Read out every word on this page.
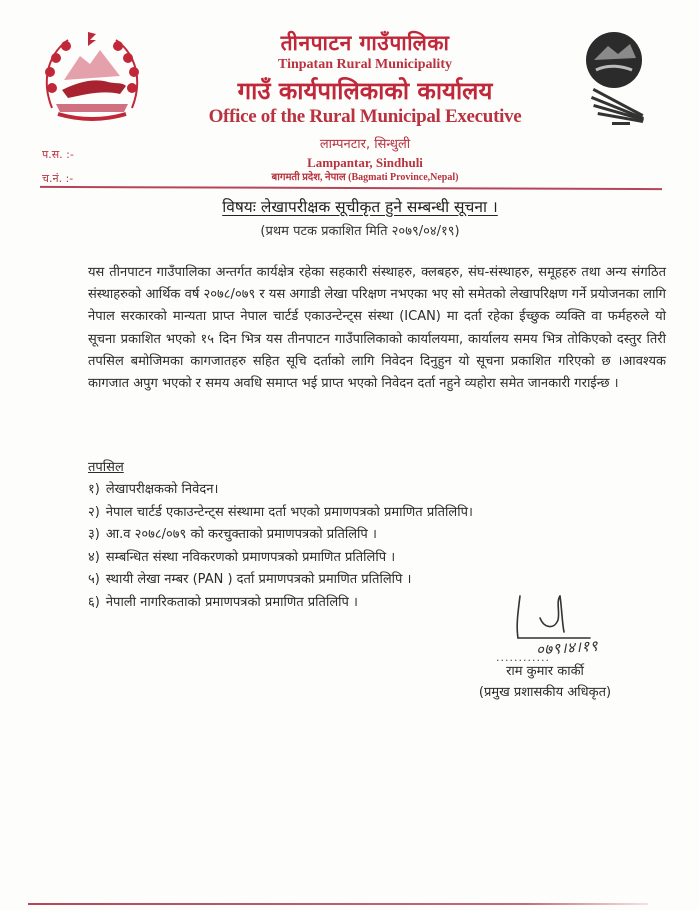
तीनपाटन गाउँपालिका
Tinpatan Rural Municipality
गाउँ कार्यपालिकाको कार्यालय
Office of the Rural Municipal Executive
लाम्पनटार, सिन्धुली
Lampantar, Sindhuli
बागमती प्रदेश, नेपाल (Bagmati Province,Nepal)
प.स. :-
च.नं. :-
विषयः लेखापरीक्षक सूचीकृत हुने सम्बन्धी सूचना ।
(प्रथम पटक प्रकाशित मिति २०७९/०४/१९)
यस तीनपाटन गाउँपालिका अन्तर्गत कार्यक्षेत्र रहेका सहकारी संस्थाहरु, क्लबहरु, संघ-संस्थाहरु, समूहहरु तथा अन्य संगठित संस्थाहरुको आर्थिक वर्ष २०७८/०७९ र यस अगाडी लेखा परिक्षण नभएका भए सो समेतको लेखापरिक्षण गर्ने प्रयोजनका लागि नेपाल सरकारको मान्यता प्राप्त नेपाल चार्टर्ड एकाउन्टेन्ट्स संस्था (ICAN) मा दर्ता रहेका ईच्छुक व्यक्ति वा फर्महरुले यो सूचना प्रकाशित भएको १५ दिन भित्र यस तीनपाटन गाउँपालिकाको कार्यालयमा, कार्यालय समय भित्र तोकिएको दस्तुर तिरी तपसिल बमोजिमका कागजातहरु सहित सूचि दर्ताको लागि निवेदन दिनुहुन यो सूचना प्रकाशित गरिएको छ ।आवश्यक कागजात अपुग भएको र समय अवधि समाप्त भई प्राप्त भएको निवेदन दर्ता नहुने व्यहोरा समेत जानकारी गराईन्छ ।
तपसिल
१) लेखापरीक्षकको निवेदन।
२) नेपाल चार्टर्ड एकाउन्टेन्ट्स संस्थामा दर्ता भएको प्रमाणपत्रको प्रमाणित प्रतिलिपि।
३) आ.व २०७८/०७९ को करचुक्ताको प्रमाणपत्रको प्रतिलिपि ।
४) सम्बन्धित संस्था नविकरणको प्रमाणपत्रको प्रमाणित प्रतिलिपि ।
५) स्थायी लेखा नम्बर (PAN ) दर्ता प्रमाणपत्रको प्रमाणित प्रतिलिपि ।
६) नेपाली नागरिकताको प्रमाणपत्रको प्रमाणित प्रतिलिपि ।
............
०७९।४।१९
राम कुमार कार्की
(प्रमुख प्रशासकीय अधिकृत)
